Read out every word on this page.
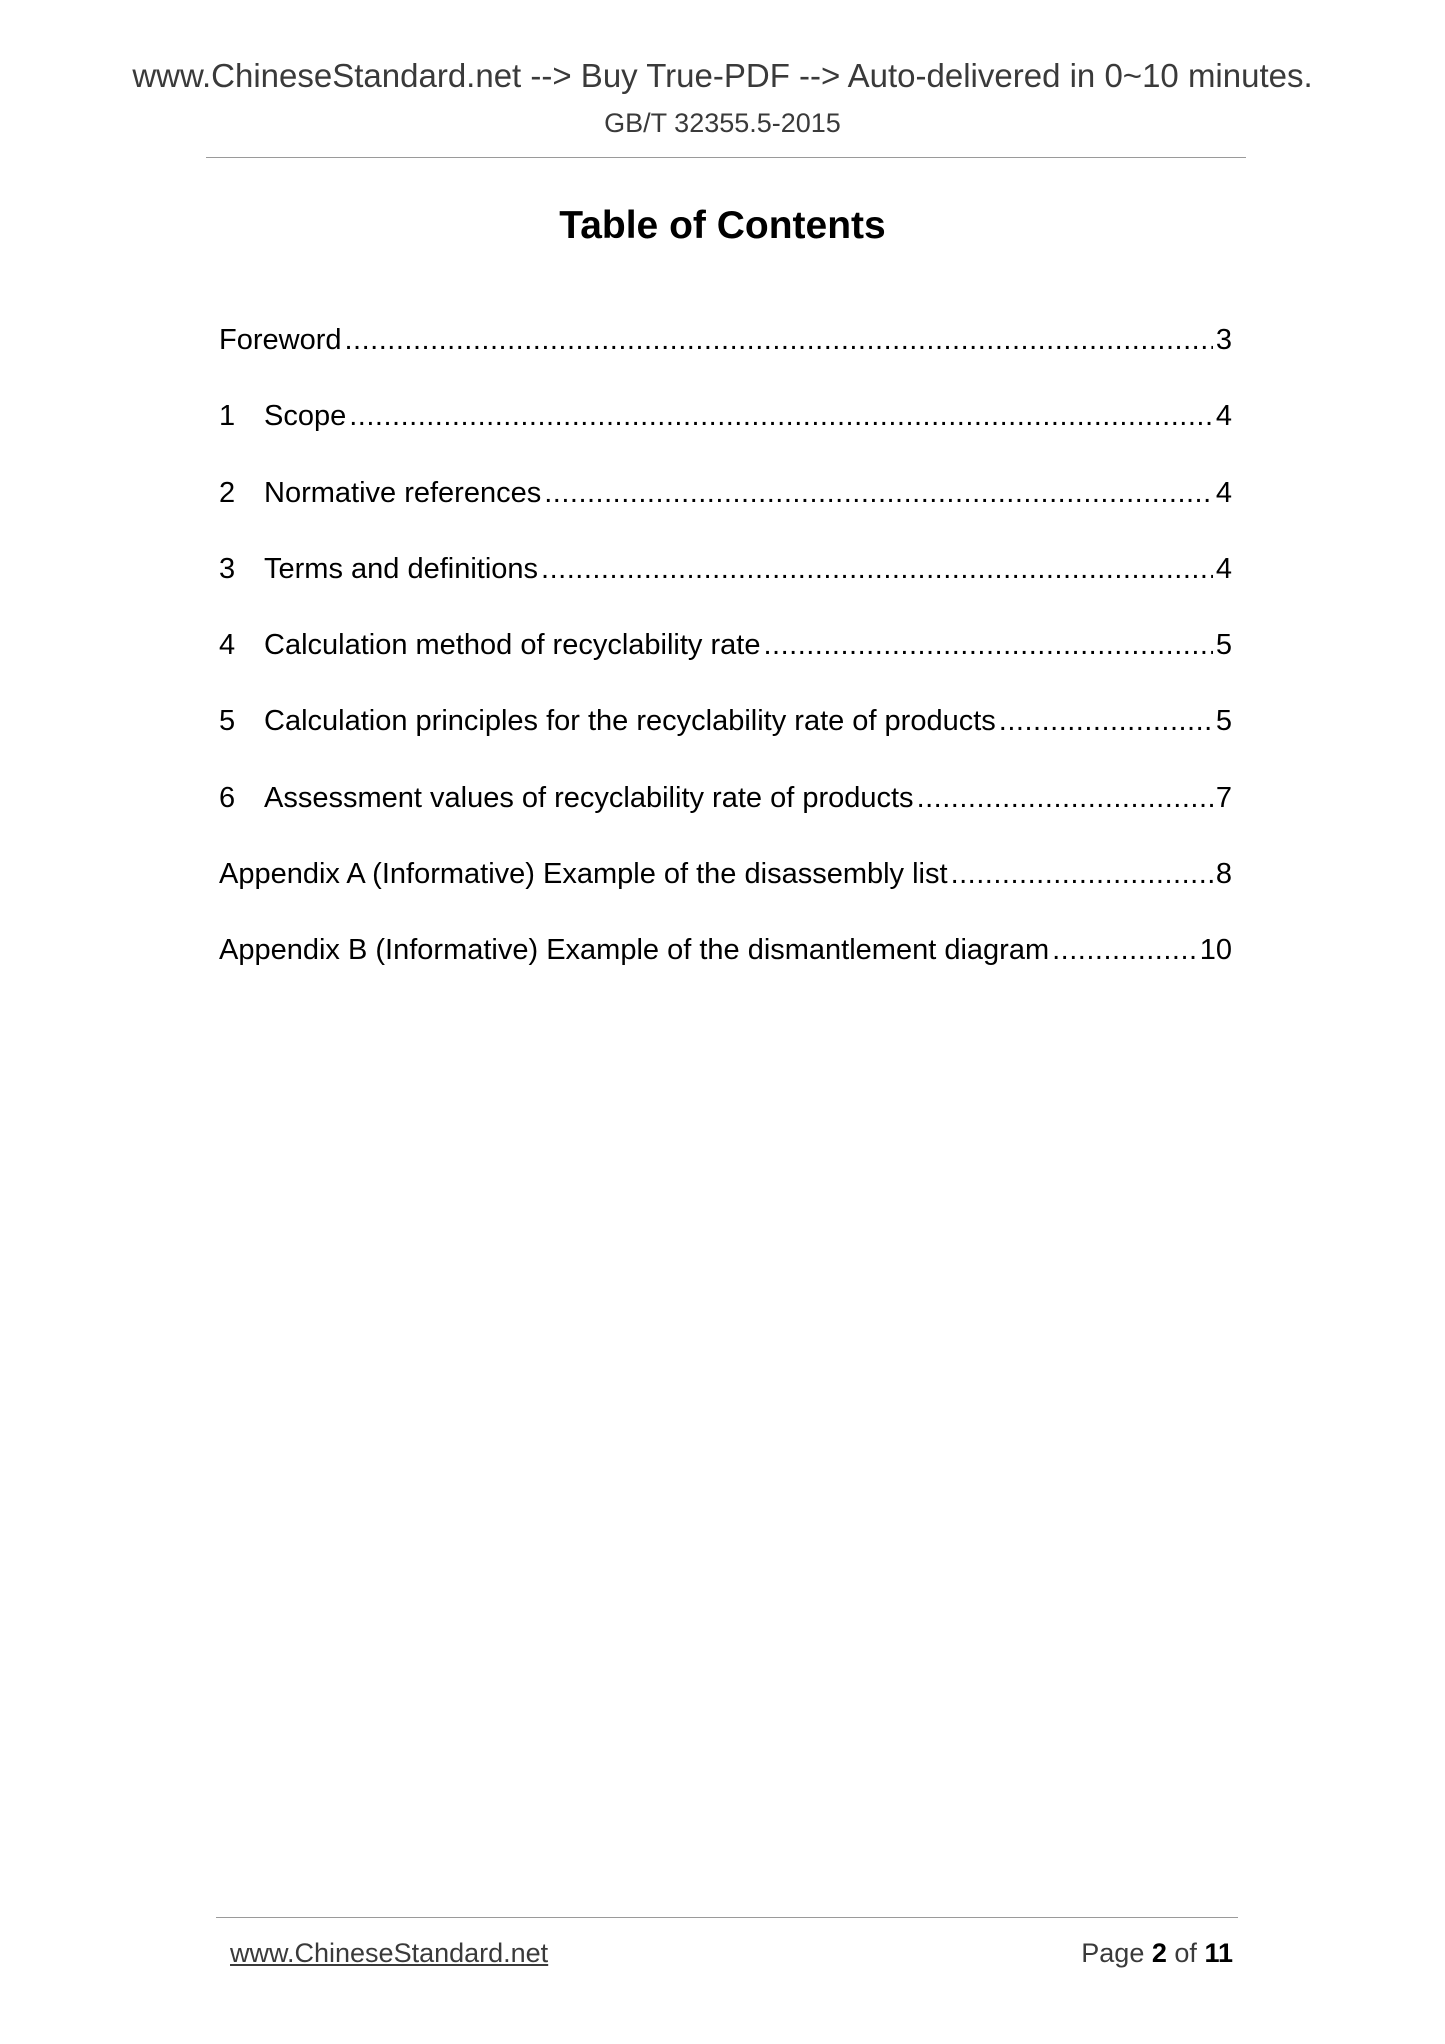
www.ChineseStandard.net --> Buy True-PDF --> Auto-delivered in 0~10 minutes.
GB/T 32355.5-2015
Table of Contents
Foreword .....	3
1 Scope .....	4
2 Normative references .....	4
3 Terms and definitions .....	4
4 Calculation method of recyclability rate .....	5
5 Calculation principles for the recyclability rate of products .....	5
6 Assessment values of recyclability rate of products .....	7
Appendix A (Informative) Example of the disassembly list .....	8
Appendix B (Informative) Example of the dismantlement diagram .....	10
www.ChineseStandard.net	Page 2 of 11
